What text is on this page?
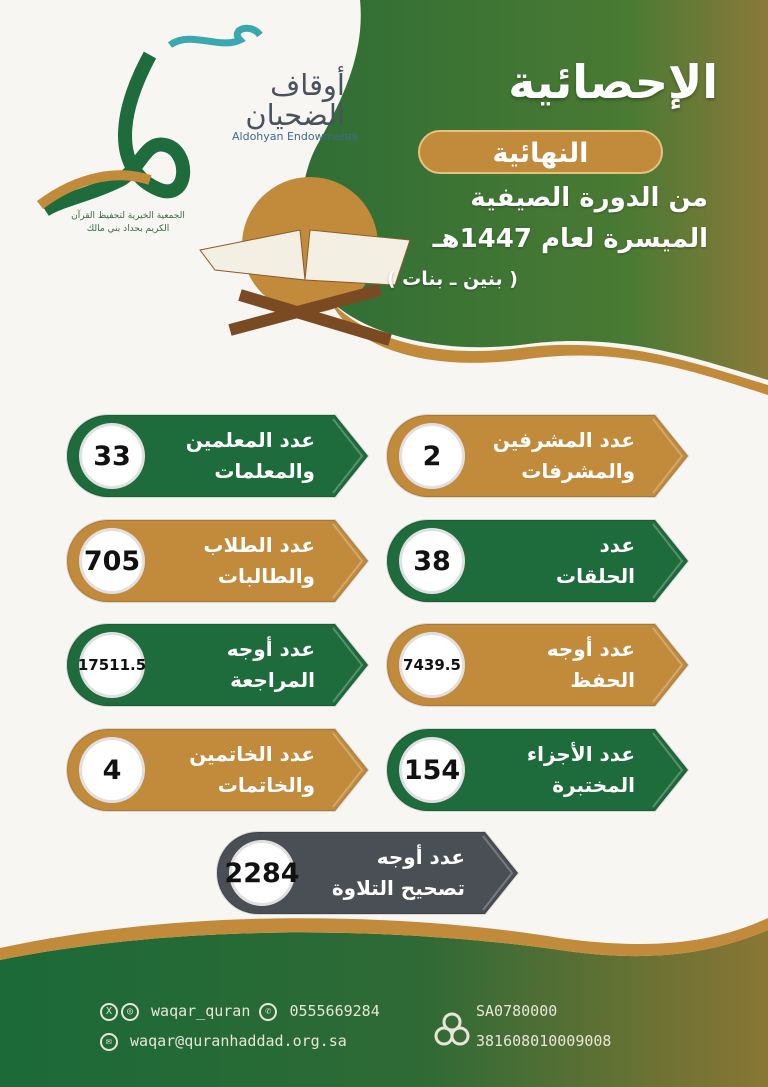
الإحصائية
النهائية
من الدورة الصيفية
الميسرة لعام 1447هـ
( بنين ـ بنات )
أوقاف الضحيان
Aldohyan Endowments
الجمعية الخيرية لتحفيظ القرآن الكريم بحداد بني مالك
2
عدد المشرفين
والمشرفات
33
عدد المعلمين
والمعلمات
38
عدد
الحلقات
705
عدد الطلاب
والطالبات
7439.5
عدد أوجه
الحفظ
17511.5
عدد أوجه
المراجعة
154
عدد الأجزاء
المختبرة
4
عدد الخاتمين
والخاتمات
2284
عدد أوجه
تصحيح التلاوة
X ◎ waqar_quran ✆ 0555669284
✉ waqar@quranhaddad.org.sa
SA0780000
381608010009008
